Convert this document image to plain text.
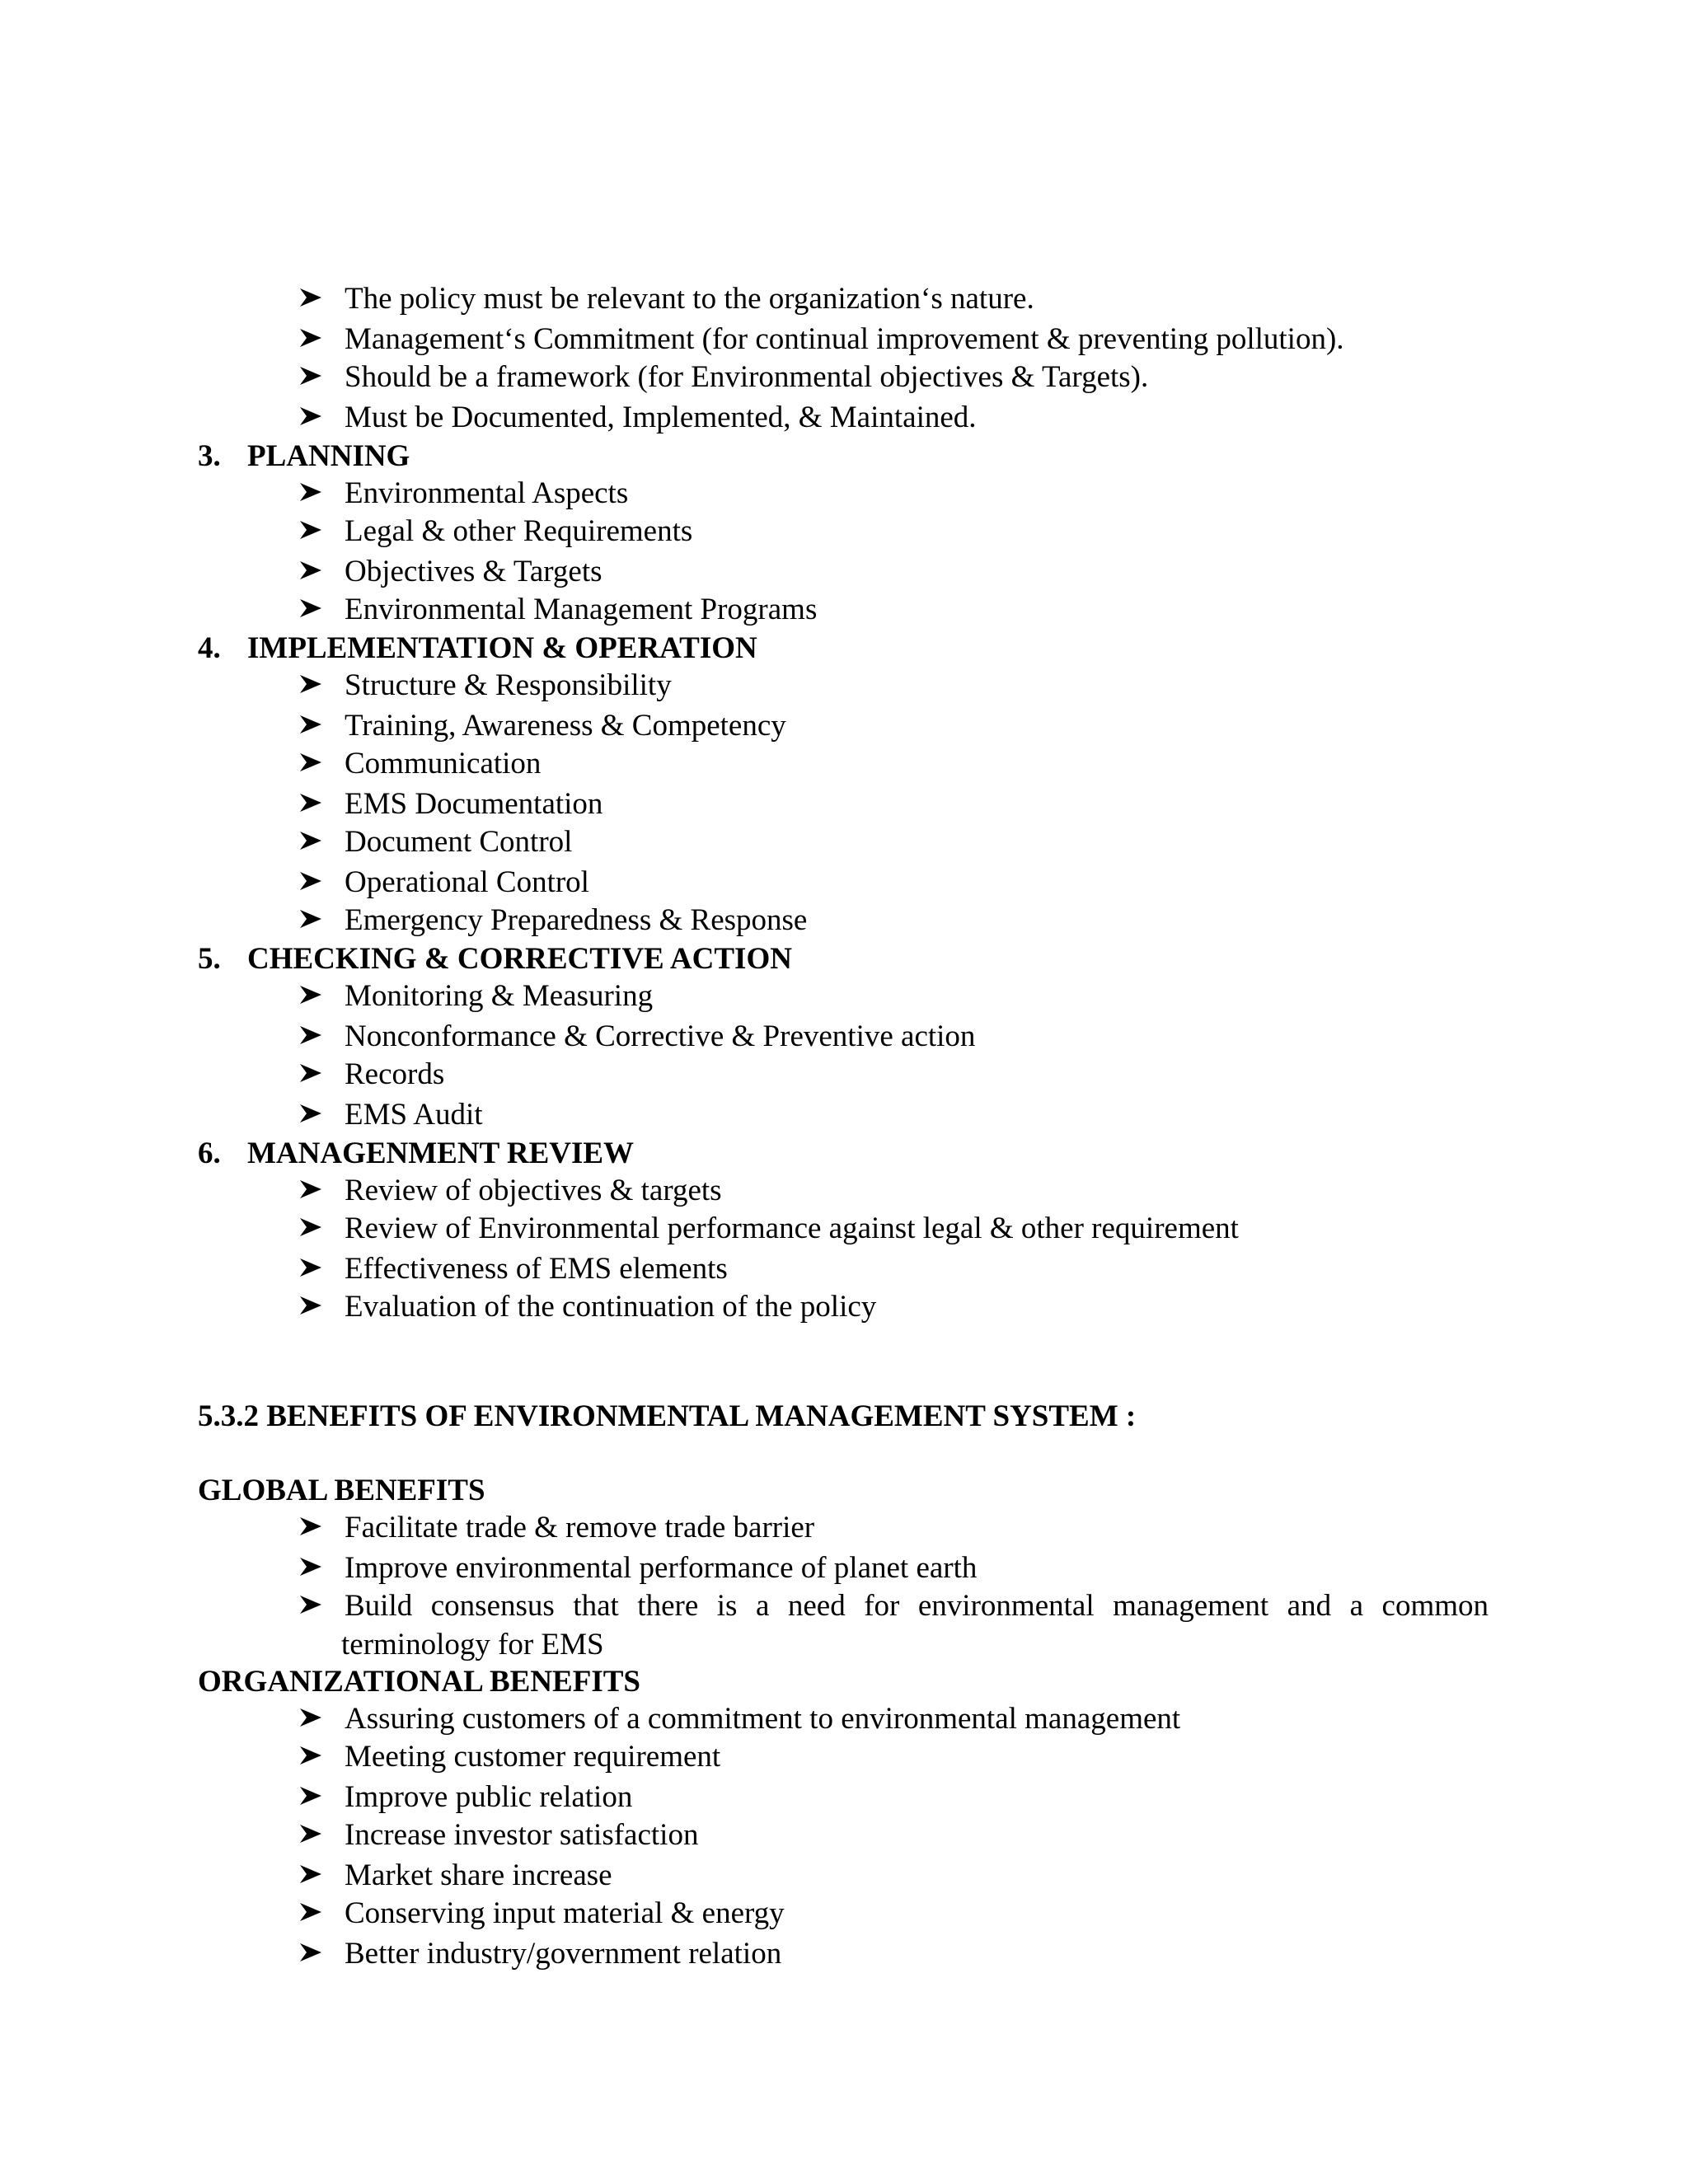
The policy must be relevant to the organization‘s nature.
Management‘s Commitment (for continual improvement & preventing pollution).
Should be a framework (for Environmental objectives & Targets).
Must be Documented, Implemented, & Maintained.
3. PLANNING
Environmental Aspects
Legal & other Requirements
Objectives & Targets
Environmental Management Programs
4. IMPLEMENTATION & OPERATION
Structure & Responsibility
Training, Awareness & Competency
Communication
EMS Documentation
Document Control
Operational Control
Emergency Preparedness & Response
5. CHECKING & CORRECTIVE ACTION
Monitoring & Measuring
Nonconformance & Corrective & Preventive action
Records
EMS Audit
6. MANAGENMENT REVIEW
Review of objectives & targets
Review of Environmental performance against legal & other requirement
Effectiveness of EMS elements
Evaluation of the continuation of the policy
5.3.2 BENEFITS OF ENVIRONMENTAL MANAGEMENT SYSTEM :
GLOBAL BENEFITS
Facilitate trade & remove trade barrier
Improve environmental performance of planet earth
Build consensus that there is a need for environmental management and a common
terminology for EMS
ORGANIZATIONAL BENEFITS
Assuring customers of a commitment to environmental management
Meeting customer requirement
Improve public relation
Increase investor satisfaction
Market share increase
Conserving input material & energy
Better industry/government relation
